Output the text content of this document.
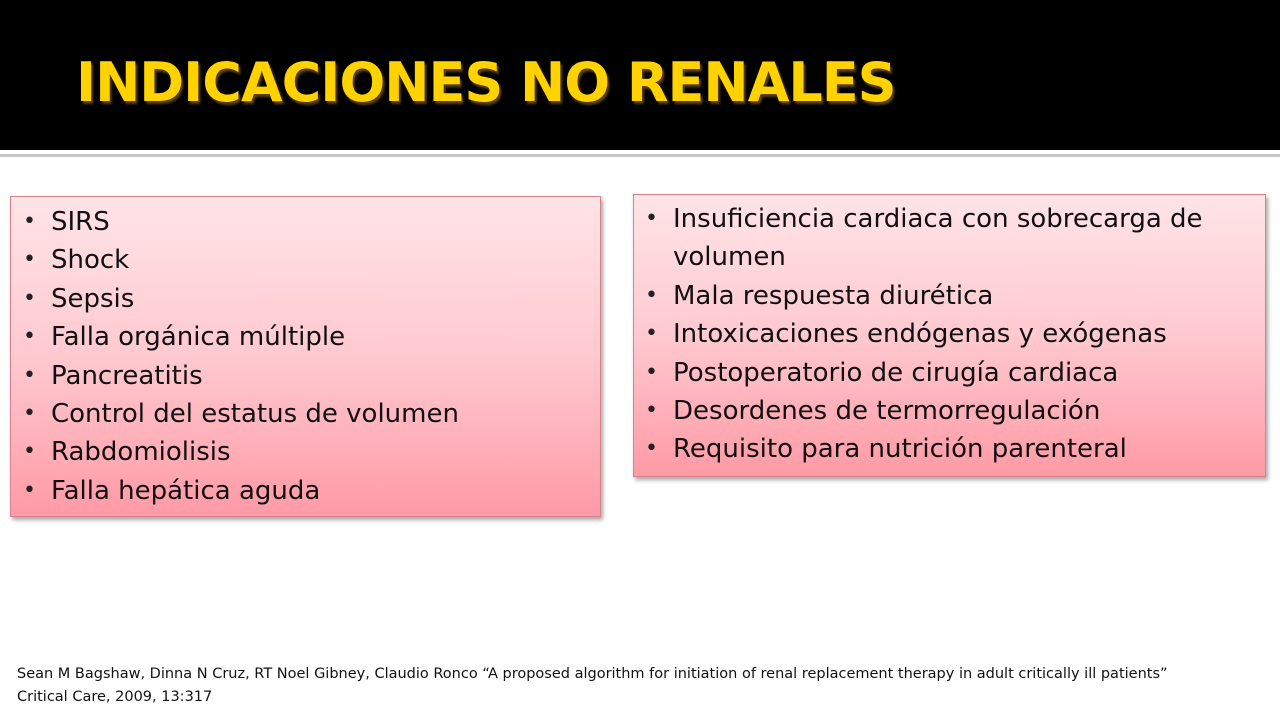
INDICACIONES NO RENALES
• SIRS
• Shock
• Sepsis
• Falla orgánica múltiple
• Pancreatitis
• Control del estatus de volumen
• Rabdomiolisis
• Falla hepática aguda
• Insuficiencia cardiaca con sobrecarga de volumen
• Mala respuesta diurética
• Intoxicaciones endógenas y exógenas
• Postoperatorio de cirugía cardiaca
• Desordenes de termorregulación
• Requisito para nutrición parenteral
Sean M Bagshaw, Dinna N Cruz, RT Noel Gibney, Claudio Ronco “A proposed algorithm for initiation of renal replacement therapy in adult critically ill patients”
Critical Care, 2009, 13:317
